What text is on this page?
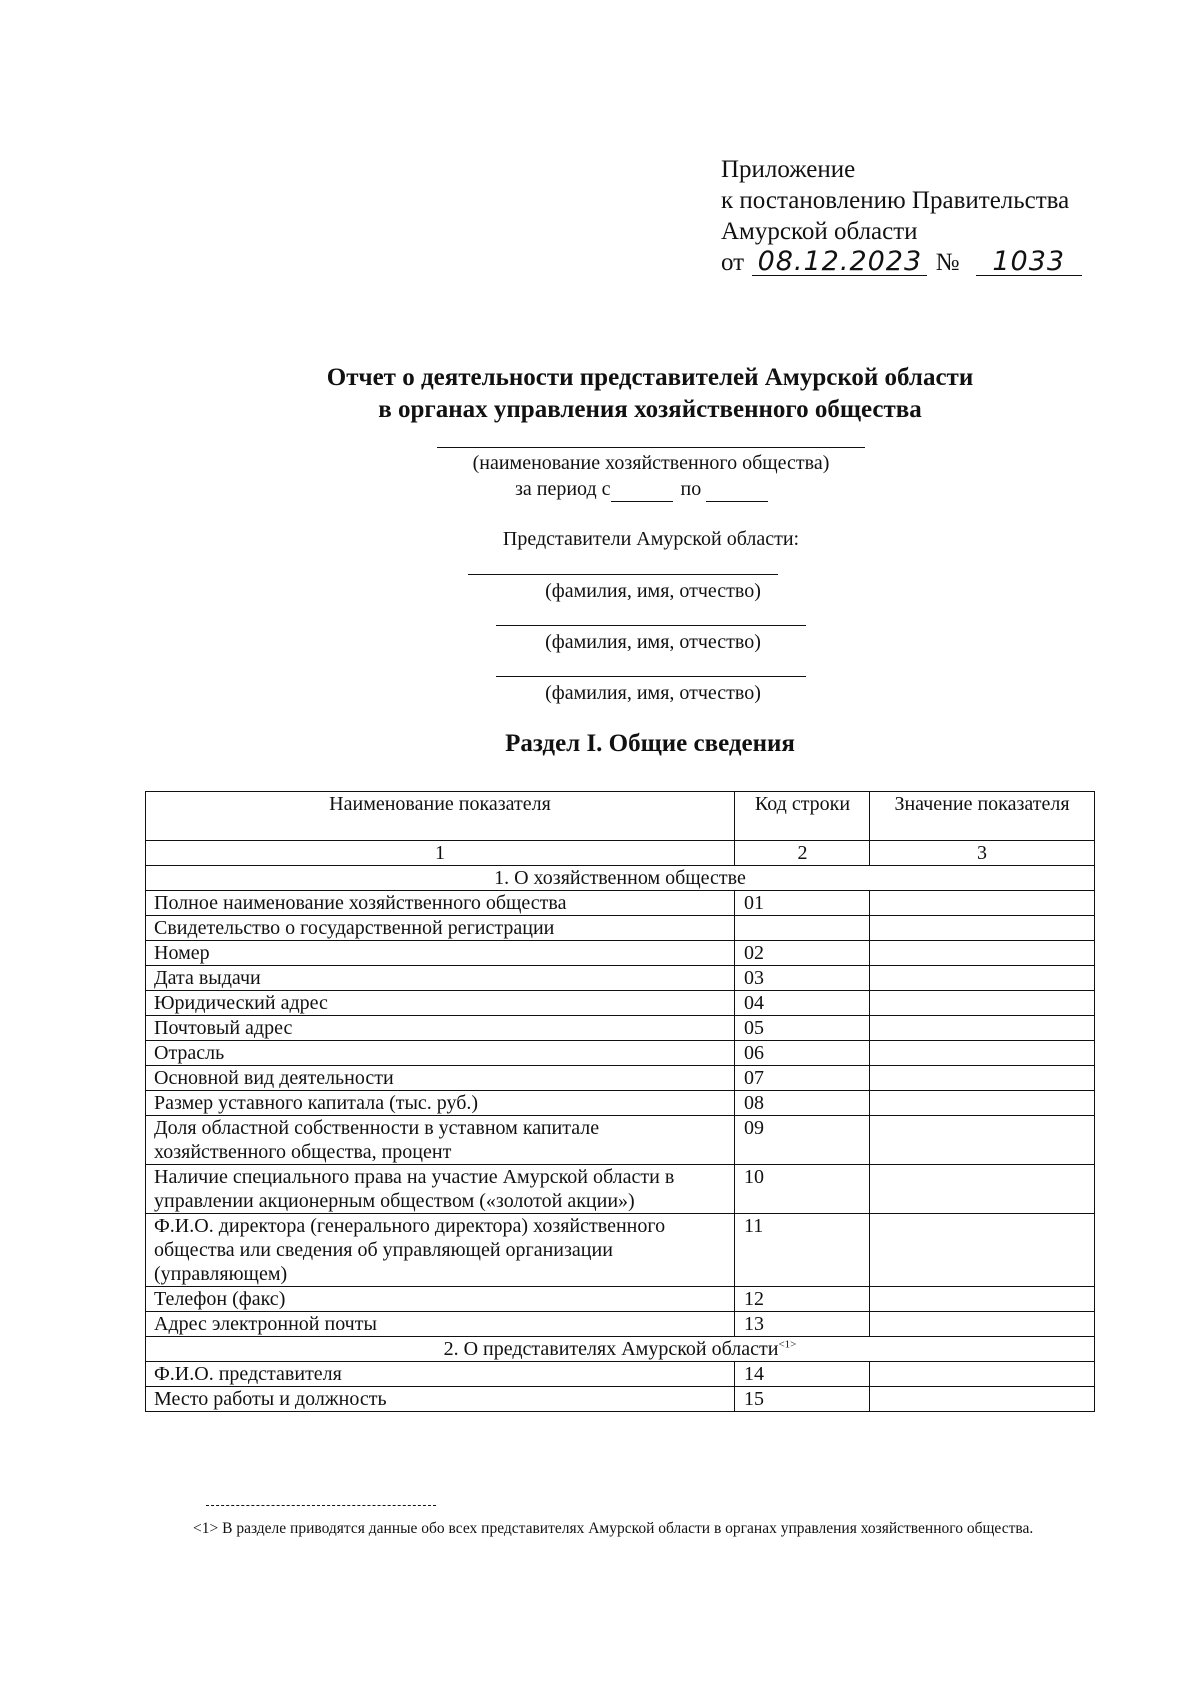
Приложение
к постановлению Правительства
Амурской области
от 08.12.2023 № 1033
Отчет о деятельности представителей Амурской области
в органах управления хозяйственного общества
(наименование хозяйственного общества)
за период с	по
Представители Амурской области:
(фамилия, имя, отчество)
(фамилия, имя, отчество)
(фамилия, имя, отчество)
Раздел I. Общие сведения
Наименование показателя	Код строки	Значение показателя
1	2	3
1. О хозяйственном обществе		
Полное наименование хозяйственного общества	01	
Свидетельство о государственной регистрации		
Номер	02	
Дата выдачи	03	
Юридический адрес	04	
Почтовый адрес	05	
Отрасль	06	
Основной вид деятельности	07	
Размер уставного капитала (тыс. руб.)	08	
Доля областной собственности в уставном капитале хозяйственного общества, процент	09	
Наличие специального права на участие Амурской области в управлении акционерным обществом («золотой акции»)	10	
Ф.И.О. директора (генерального директора) хозяйственного общества или сведения об управляющей организации (управляющем)	11	
Телефон (факс)	12	
Адрес электронной почты	13	
2. О представителях Амурской области$^{<1>}$
Ф.И.О. представителя	14	
Место работы и должность	15	
<1> В разделе приводятся данные обо всех представителях Амурской области в органах управления хозяйственного общества.
